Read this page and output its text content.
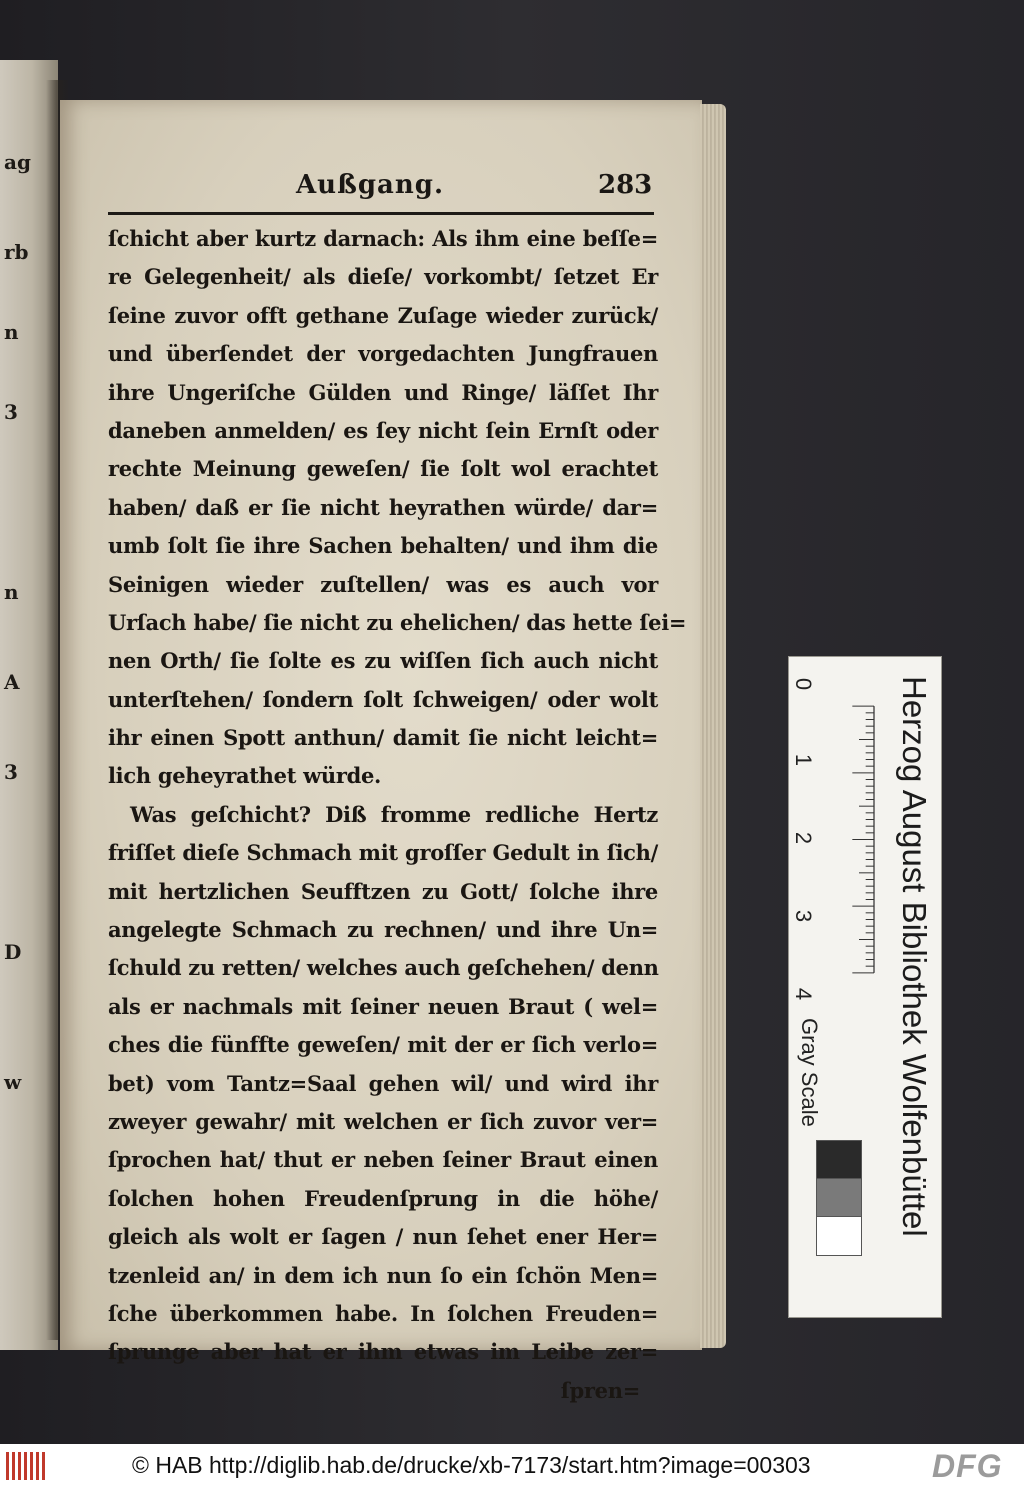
ag
rb
n
3
n
A
3
D
w
Außgang.	283
ſchicht aber kurtz darnach: Als ihm eine beſſe=
re Gelegenheit/ als dieſe/ vorkombt/ ſetzet Er
ſeine zuvor offt gethane Zuſage wieder zurück/
und überſendet der vorgedachten Jungfrauen
ihre Ungeriſche Gülden und Ringe/ läſſet Ihr
daneben anmelden/ es ſey nicht ſein Ernſt oder
rechte Meinung geweſen/ ſie ſolt wol erachtet
haben/ daß er ſie nicht heyrathen würde/ dar=
umb ſolt ſie ihre Sachen behalten/ und ihm die
Seinigen wieder zuſtellen/ was es auch vor
Urſach habe/ ſie nicht zu ehelichen/ das hette ſei=
nen Orth/ ſie ſolte es zu wiſſen ſich auch nicht
unterſtehen/ ſondern ſolt ſchweigen/ oder wolt
ihr einen Spott anthun/ damit ſie nicht leicht=
lich geheyrathet würde.
Was geſchicht? Diß fromme redliche Hertz
friſſet dieſe Schmach mit groſſer Gedult in ſich/
mit hertzlichen Seufftzen zu Gott/ ſolche ihre
angelegte Schmach zu rechnen/ und ihre Un=
ſchuld zu retten/ welches auch geſchehen/ denn
als er nachmals mit ſeiner neuen Braut ( wel=
ches die fünffte geweſen/ mit der er ſich verlo=
bet) vom Tantz=Saal gehen wil/ und wird ihr
zweyer gewahr/ mit welchen er ſich zuvor ver=
ſprochen hat/ thut er neben ſeiner Braut einen
ſolchen hohen Freudenſprung in die höhe/
gleich als wolt er ſagen / nun ſehet ener Her=
tzenleid an/ in dem ich nun ſo ein ſchön Men=
ſche überkommen habe. In ſolchen Freuden=
ſprunge aber hat er ihm etwas im Leibe zer=
ſpren=
0
1
2
3
4 Herzog August Bibliothek Wolfenbüttel
Gray Scale
© HAB http://diglib.hab.de/drucke/xb-7173/start.htm?image=00303	DFG
